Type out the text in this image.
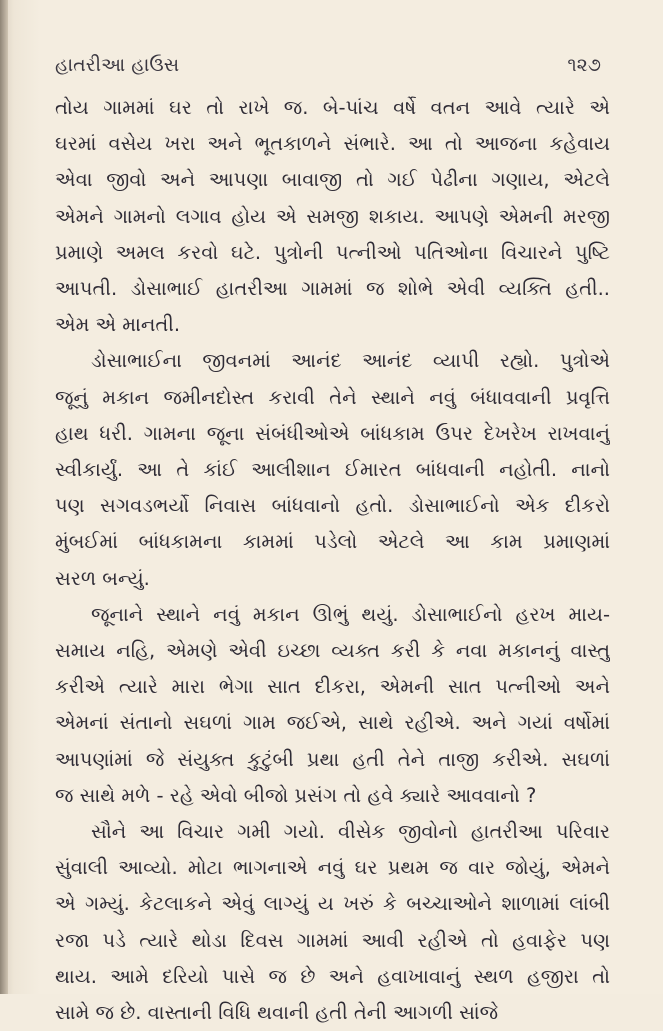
હાતરીઆ હાઉસ	૧૨૭
તોય ગામમાં ઘર તો રાખે જ. બે-પાંચ વર્ષે વતન આવે ત્યારે એ
ઘરમાં વસેય ખરા અને ભૂતકાળને સંભારે. આ તો આજના કહેવાય
એવા જીવો અને આપણા બાવાજી તો ગઈ પેઢીના ગણાય, એટલે
એમને ગામનો લગાવ હોય એ સમજી શકાય. આપણે એમની મરજી
પ્રમાણે અમલ કરવો ઘટે. પુત્રોની પત્નીઓ પતિઓના વિચારને પુષ્ટિ
આપતી. ડોસાભાઈ હાતરીઆ ગામમાં જ શોભે એવી વ્યક્તિ હતી..
એમ એ માનતી.
ડોસાભાઈના જીવનમાં આનંદ આનંદ વ્યાપી રહ્યો. પુત્રોએ
જૂનું મકાન જમીનદોસ્ત કરાવી તેને સ્થાને નવું બંધાવવાની પ્રવૃત્તિ
હાથ ધરી. ગામના જૂના સંબંધીઓએ બાંધકામ ઉપર દેખરેખ રાખવાનું
સ્વીકાર્યું. આ તે કાંઈ આલીશાન ઈમારત બાંધવાની નહોતી. નાનો
પણ સગવડભર્યો નિવાસ બાંધવાનો હતો. ડોસાભાઈનો એક દીકરો
મુંબઈમાં બાંધકામના કામમાં પડેલો એટલે આ કામ પ્રમાણમાં
સરળ બન્યું.
જૂનાને સ્થાને નવું મકાન ઊભું થયું. ડોસાભાઈનો હરખ માય-
સમાય નહિ, એમણે એવી ઇચ્છા વ્યક્ત કરી કે નવા મકાનનું વાસ્તુ
કરીએ ત્યારે મારા ભેગા સાત દીકરા, એમની સાત પત્નીઓ અને
એમનાં સંતાનો સઘળાં ગામ જઈએ, સાથે રહીએ. અને ગયાં વર્ષોમાં
આપણાંમાં જે સંયુક્ત કુટુંબી પ્રથા હતી તેને તાજી કરીએ. સઘળાં
જ સાથે મળે - રહે એવો બીજો પ્રસંગ તો હવે ક્યારે આવવાનો ?
સૌને આ વિચાર ગમી ગયો. વીસેક જીવોનો હાતરીઆ પરિવાર
સુંવાલી આવ્યો. મોટા ભાગનાએ નવું ઘર પ્રથમ જ વાર જોયું, એમને
એ ગમ્યું. કેટલાકને એવું લાગ્યું ય ખરું કે બચ્ચાઓને શાળામાં લાંબી
રજા પડે ત્યારે થોડા દિવસ ગામમાં આવી રહીએ તો હવાફેર પણ
થાય. આમે દરિયો પાસે જ છે અને હવાખાવાનું સ્થળ હજીરા તો
સામે જ છે. વાસ્તાની વિધિ થવાની હતી તેની આગળી સાંજે
